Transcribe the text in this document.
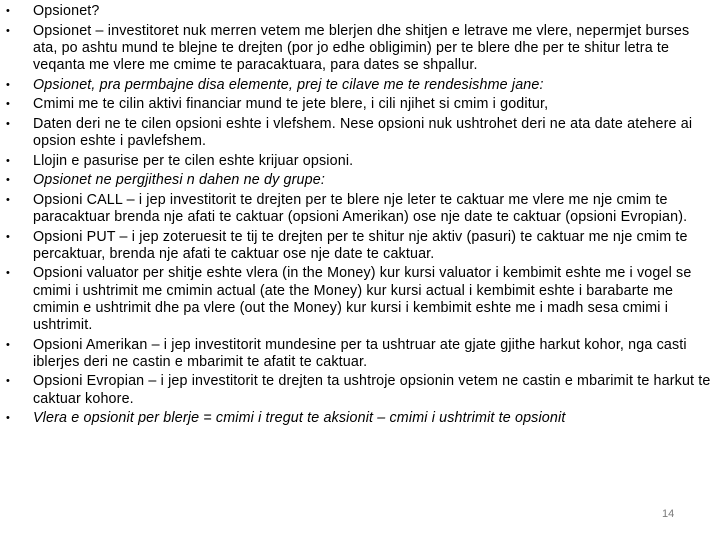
• Opsionet?
• Opsionet – investitoret nuk merren vetem me blerjen dhe shitjen e letrave me vlere, nepermjet burses ata, po ashtu mund te blejne te drejten (por jo edhe obligimin) per te blere dhe per te shitur letra te veqanta me vlere me cmime te paracaktuara, para dates se shpallur.
• Opsionet, pra permbajne disa elemente, prej te cilave me te rendesishme jane:
• Cmimi me te cilin aktivi financiar mund te jete blere, i cili njihet si cmim i goditur,
• Daten deri ne te cilen opsioni eshte i vlefshem. Nese opsioni nuk ushtrohet deri ne ata date atehere ai opsion eshte i pavlefshem.
• Llojin e pasurise per te cilen eshte krijuar opsioni.
• Opsionet ne pergjithesi n dahen ne dy grupe:
• Opsioni CALL – i jep investitorit te drejten per te blere nje leter te caktuar me vlere me nje cmim te paracaktuar brenda nje afati te caktuar (opsioni Amerikan) ose nje date te caktuar (opsioni Evropian).
• Opsioni PUT – i jep zoteruesit te tij te drejten per te shitur nje aktiv (pasuri) te caktuar me nje cmim te percaktuar, brenda nje afati te caktuar ose nje date te caktuar.
• Opsioni valuator per shitje eshte vlera (in the Money) kur kursi valuator i kembimit eshte me i vogel se cmimi i ushtrimit me cmimin actual (ate the Money) kur kursi actual i kembimit eshte i barabarte me cmimin e ushtrimit dhe pa vlere (out the Money) kur kursi i kembimit eshte me i madh sesa cmimi i ushtrimit.
• Opsioni Amerikan – i jep investitorit mundesine per ta ushtruar ate gjate gjithe harkut kohor, nga casti iblerjes deri ne castin e mbarimit te afatit te caktuar.
• Opsioni Evropian – i jep investitorit te drejten ta ushtroje opsionin vetem ne castin e mbarimit te harkut te caktuar kohore.
• Vlera e opsionit per blerje = cmimi i tregut te aksionit – cmimi i ushtrimit te opsionit
14
